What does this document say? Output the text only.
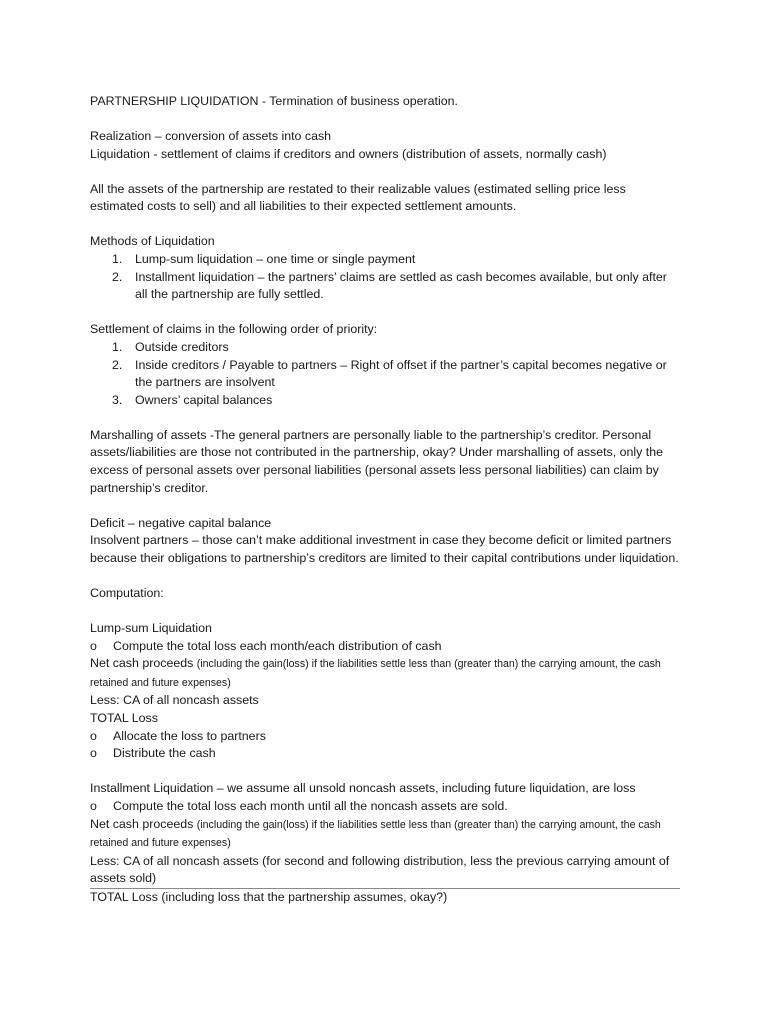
PARTNERSHIP LIQUIDATION - Termination of business operation.

Realization – conversion of assets into cash

Liquidation - settlement of claims if creditors and owners (distribution of assets, normally cash)

All the assets of the partnership are restated to their realizable values (estimated selling price less estimated costs to sell) and all liabilities to their expected settlement amounts.

Methods of Liquidation

1. Lump-sum liquidation – one time or single payment
2. Installment liquidation – the partners’ claims are settled as cash becomes available, but only after all the partnership are fully settled.

Settlement of claims in the following order of priority:

1. Outside creditors
2. Inside creditors / Payable to partners – Right of offset if the partner’s capital becomes negative or the partners are insolvent
3. Owners’ capital balances

Marshalling of assets -The general partners are personally liable to the partnership’s creditor. Personal assets/liabilities are those not contributed in the partnership, okay? Under marshalling of assets, only the excess of personal assets over personal liabilities (personal assets less personal liabilities) can claim by partnership’s creditor.

Deficit – negative capital balance

Insolvent partners – those can’t make additional investment in case they become deficit or limited partners because their obligations to partnership’s creditors are limited to their capital contributions under liquidation.

Computation:

Lump-sum Liquidation

o Compute the total loss each month/each distribution of cash

Net cash proceeds (including the gain(loss) if the liabilities settle less than (greater than) the carrying amount, the cash retained and future expenses)

Less: CA of all noncash assets

TOTAL Loss

o Allocate the loss to partners

o Distribute the cash

Installment Liquidation – we assume all unsold noncash assets, including future liquidation, are loss

o Compute the total loss each month until all the noncash assets are sold.

Net cash proceeds (including the gain(loss) if the liabilities settle less than (greater than) the carrying amount, the cash retained and future expenses)

Less: CA of all noncash assets (for second and following distribution, less the previous carrying amount of assets sold)

TOTAL Loss (including loss that the partnership assumes, okay?)
